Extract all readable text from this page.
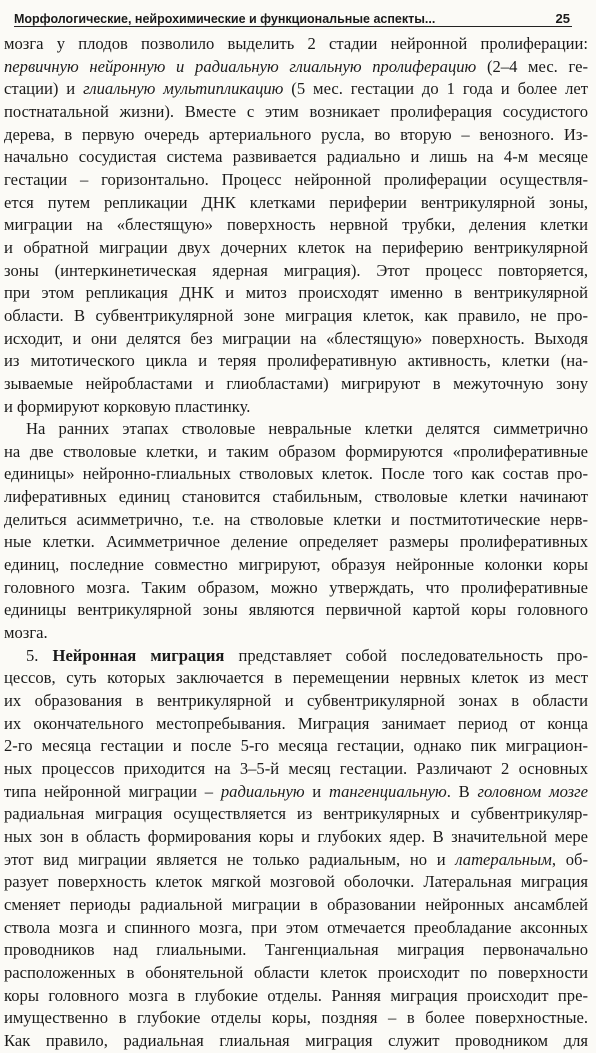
Морфологические, нейрохимические и функциональные аспекты...	25
мозга у плодов позволило выделить 2 стадии нейронной пролиферации:
первичную нейронную и радиальную глиальную пролиферацию (2–4 мес. ге-
стации) и глиальную мультипликацию (5 мес. гестации до 1 года и более лет
постнатальной жизни). Вместе с этим возникает пролиферация сосудистого
дерева, в первую очередь артериального русла, во вторую – венозного. Из-
начально сосудистая система развивается радиально и лишь на 4-м месяце
гестации – горизонтально. Процесс нейронной пролиферации осуществля-
ется путем репликации ДНК клетками периферии вентрикулярной зоны,
миграции на «блестящую» поверхность нервной трубки, деления клетки
и обратной миграции двух дочерних клеток на периферию вентрикулярной
зоны (интеркинетическая ядерная миграция). Этот процесс повторяется,
при этом репликация ДНК и митоз происходят именно в вентрикулярной
области. В субвентрикулярной зоне миграция клеток, как правило, не про-
исходит, и они делятся без миграции на «блестящую» поверхность. Выходя
из митотического цикла и теряя пролиферативную активность, клетки (на-
зываемые нейробластами и глиобластами) мигрируют в межуточную зону
и формируют корковую пластинку.
На ранних этапах стволовые невральные клетки делятся симметрично
на две стволовые клетки, и таким образом формируются «пролиферативные
единицы» нейронно-глиальных стволовых клеток. После того как состав про-
лиферативных единиц становится стабильным, стволовые клетки начинают
делиться асимметрично, т.е. на стволовые клетки и постмитотические нерв-
ные клетки. Асимметричное деление определяет размеры пролиферативных
единиц, последние совместно мигрируют, образуя нейронные колонки коры
головного мозга. Таким образом, можно утверждать, что пролиферативные
единицы вентрикулярной зоны являются первичной картой коры головного
мозга.
5. Нейронная миграция представляет собой последовательность про-
цессов, суть которых заключается в перемещении нервных клеток из мест
их образования в вентрикулярной и субвентрикулярной зонах в области
их окончательного местопребывания. Миграция занимает период от конца
2-го месяца гестации и после 5-го месяца гестации, однако пик миграцион-
ных процессов приходится на 3–5-й месяц гестации. Различают 2 основных
типа нейронной миграции – радиальную и тангенциальную. В головном мозге
радиальная миграция осуществляется из вентрикулярных и субвентрикуляр-
ных зон в область формирования коры и глубоких ядер. В значительной мере
этот вид миграции является не только радиальным, но и латеральным, об-
разует поверхность клеток мягкой мозговой оболочки. Латеральная миграция
сменяет периоды радиальной миграции в образовании нейронных ансамблей
ствола мозга и спинного мозга, при этом отмечается преобладание аксонных
проводников над глиальными. Тангенциальная миграция первоначально
расположенных в обонятельной области клеток происходит по поверхности
коры головного мозга в глубокие отделы. Ранняя миграция происходит пре-
имущественно в глубокие отделы коры, поздняя – в более поверхностные.
Как правило, радиальная глиальная миграция служит проводником для
